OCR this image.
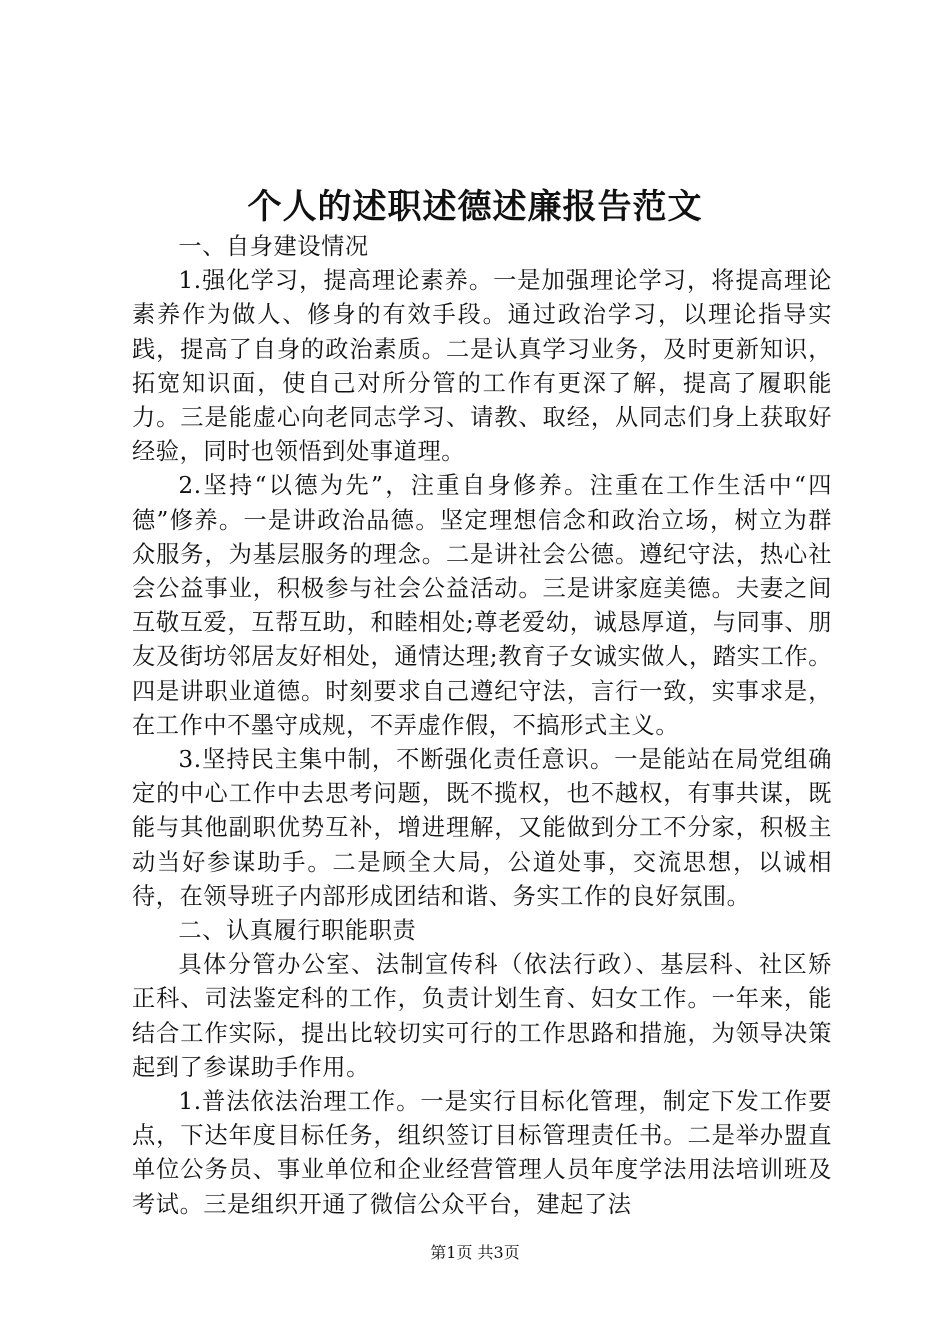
个人的述职述德述廉报告范文

一、自身建设情况

1.强化学习，提高理论素养。一是加强理论学习，将提高理论素养作为做人、修身的有效手段。通过政治学习，以理论指导实践，提高了自身的政治素质。二是认真学习业务，及时更新知识，拓宽知识面，使自己对所分管的工作有更深了解，提高了履职能力。三是能虚心向老同志学习、请教、取经，从同志们身上获取好经验，同时也领悟到处事道理。

2.坚持“以德为先”，注重自身修养。注重在工作生活中“四德”修养。一是讲政治品德。坚定理想信念和政治立场，树立为群众服务，为基层服务的理念。二是讲社会公德。遵纪守法，热心社会公益事业，积极参与社会公益活动。三是讲家庭美德。夫妻之间互敬互爱，互帮互助，和睦相处;尊老爱幼，诚恳厚道，与同事、朋友及街坊邻居友好相处，通情达理;教育子女诚实做人，踏实工作。四是讲职业道德。时刻要求自己遵纪守法，言行一致，实事求是，在工作中不墨守成规，不弄虚作假，不搞形式主义。

3.坚持民主集中制，不断强化责任意识。一是能站在局党组确定的中心工作中去思考问题，既不揽权，也不越权，有事共谋，既能与其他副职优势互补，增进理解，又能做到分工不分家，积极主动当好参谋助手。二是顾全大局，公道处事，交流思想，以诚相待，在领导班子内部形成团结和谐、务实工作的良好氛围。

二、认真履行职能职责

具体分管办公室、法制宣传科（依法行政）、基层科、社区矫正科、司法鉴定科的工作，负责计划生育、妇女工作。一年来，能结合工作实际，提出比较切实可行的工作思路和措施，为领导决策起到了参谋助手作用。

1.普法依法治理工作。一是实行目标化管理，制定下发工作要点，下达年度目标任务，组织签订目标管理责任书。二是举办盟直单位公务员、事业单位和企业经营管理人员年度学法用法培训班及考试。三是组织开通了微信公众平台，建起了法

第1页 共3页
